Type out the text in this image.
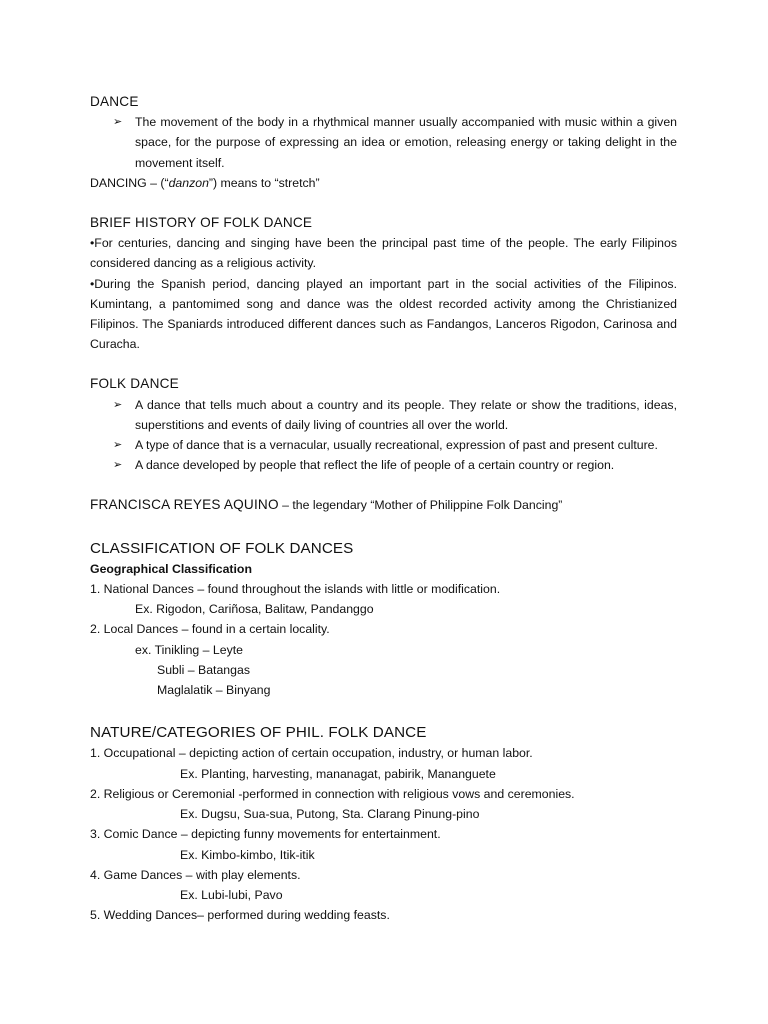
DANCE
➢ The movement of the body in a rhythmical manner usually accompanied with music within a given space, for the purpose of expressing an idea or emotion, releasing energy or taking delight in the movement itself.
DANCING – (“danzon”) means to “stretch”
BRIEF HISTORY OF FOLK DANCE

•For centuries, dancing and singing have been the principal past time of the people. The early Filipinos considered dancing as a religious activity.

•During the Spanish period, dancing played an important part in the social activities of the Filipinos. Kumintang, a pantomimed song and dance was the oldest recorded activity among the Christianized Filipinos. The Spaniards introduced different dances such as Fandangos, Lanceros Rigodon, Carinosa and Curacha.

FOLK DANCE
➢ A dance that tells much about a country and its people. They relate or show the traditions, ideas, superstitions and events of daily living of countries all over the world.
➢ A type of dance that is a vernacular, usually recreational, expression of past and present culture.
➢ A dance developed by people that reflect the life of people of a certain country or region.
FRANCISCA REYES AQUINO – the legendary “Mother of Philippine Folk Dancing”
CLASSIFICATION OF FOLK DANCES
Geographical Classification
1. National Dances – found throughout the islands with little or modification.
Ex. Rigodon, Cariñosa, Balitaw, Pandanggo
2. Local Dances – found in a certain locality.
ex. Tinikling – Leyte
Subli – Batangas
Maglalatik – Binyang
NATURE/CATEGORIES OF PHIL. FOLK DANCE
1. Occupational – depicting action of certain occupation, industry, or human labor.
Ex. Planting, harvesting, mananagat, pabirik, Mananguete
2. Religious or Ceremonial -performed in connection with religious vows and ceremonies.
Ex. Dugsu, Sua-sua, Putong, Sta. Clarang Pinung-pino
3. Comic Dance – depicting funny movements for entertainment.
Ex. Kimbo-kimbo, Itik-itik
4. Game Dances – with play elements.
Ex. Lubi-lubi, Pavo
5. Wedding Dances– performed during wedding feasts.
